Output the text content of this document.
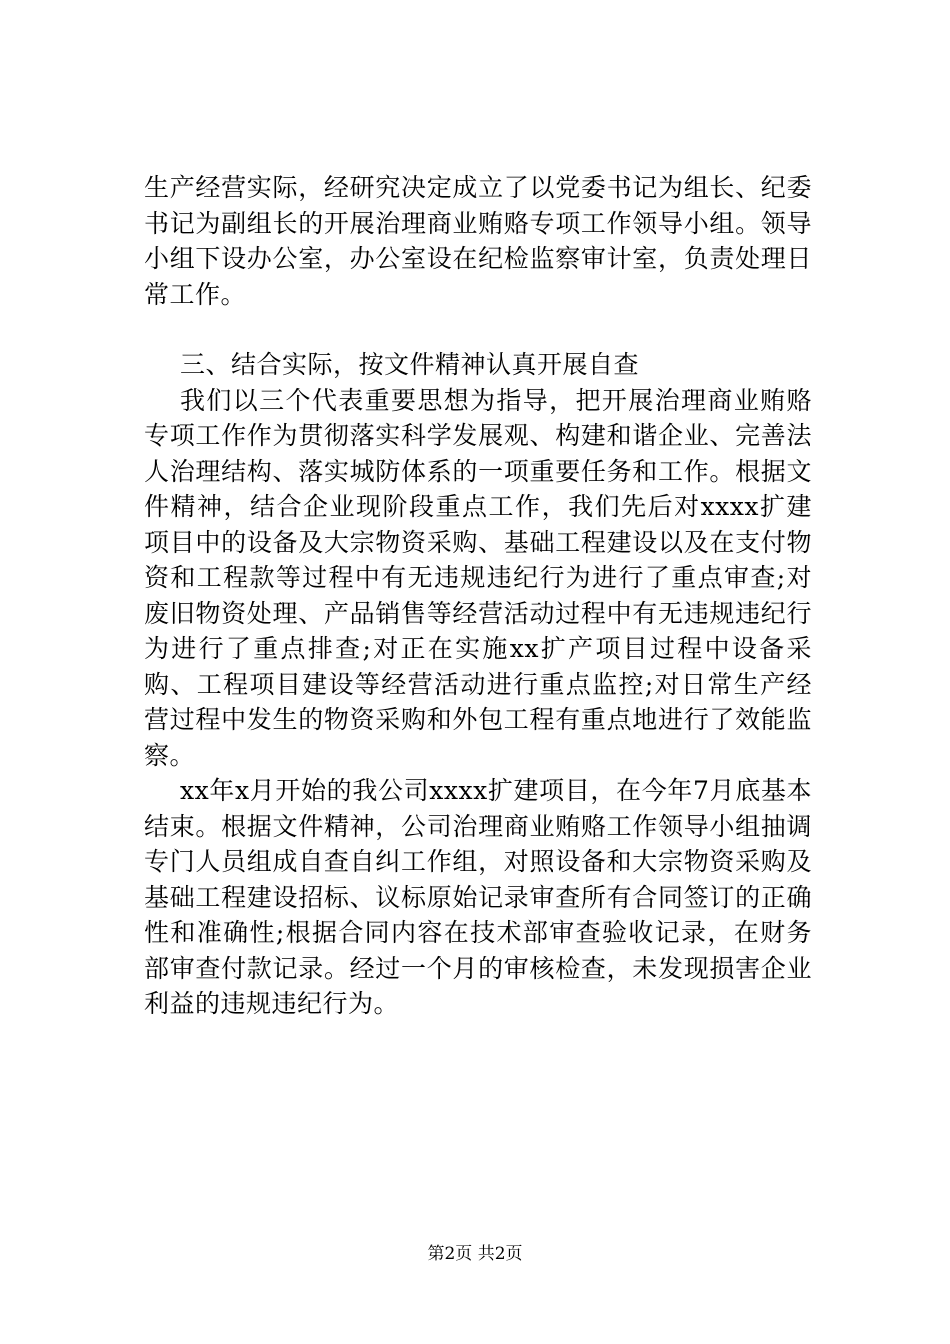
生产经营实际，经研究决定成立了以党委书记为组长、纪委书记为副组长的开展治理商业贿赂专项工作领导小组。领导小组下设办公室，办公室设在纪检监察审计室，负责处理日常工作。

三、结合实际，按文件精神认真开展自查

我们以三个代表重要思想为指导，把开展治理商业贿赂专项工作作为贯彻落实科学发展观、构建和谐企业、完善法人治理结构、落实城防体系的一项重要任务和工作。根据文件精神，结合企业现阶段重点工作，我们先后对xxxx扩建项目中的设备及大宗物资采购、基础工程建设以及在支付物资和工程款等过程中有无违规违纪行为进行了重点审查;对废旧物资处理、产品销售等经营活动过程中有无违规违纪行为进行了重点排查;对正在实施xx扩产项目过程中设备采购、工程项目建设等经营活动进行重点监控;对日常生产经营过程中发生的物资采购和外包工程有重点地进行了效能监察。

xx年x月开始的我公司xxxx扩建项目，在今年7月底基本结束。根据文件精神，公司治理商业贿赂工作领导小组抽调专门人员组成自查自纠工作组，对照设备和大宗物资采购及基础工程建设招标、议标原始记录审查所有合同签订的正确性和准确性;根据合同内容在技术部审查验收记录，在财务部审查付款记录。经过一个月的审核检查，未发现损害企业利益的违规违纪行为。

第2页 共2页
